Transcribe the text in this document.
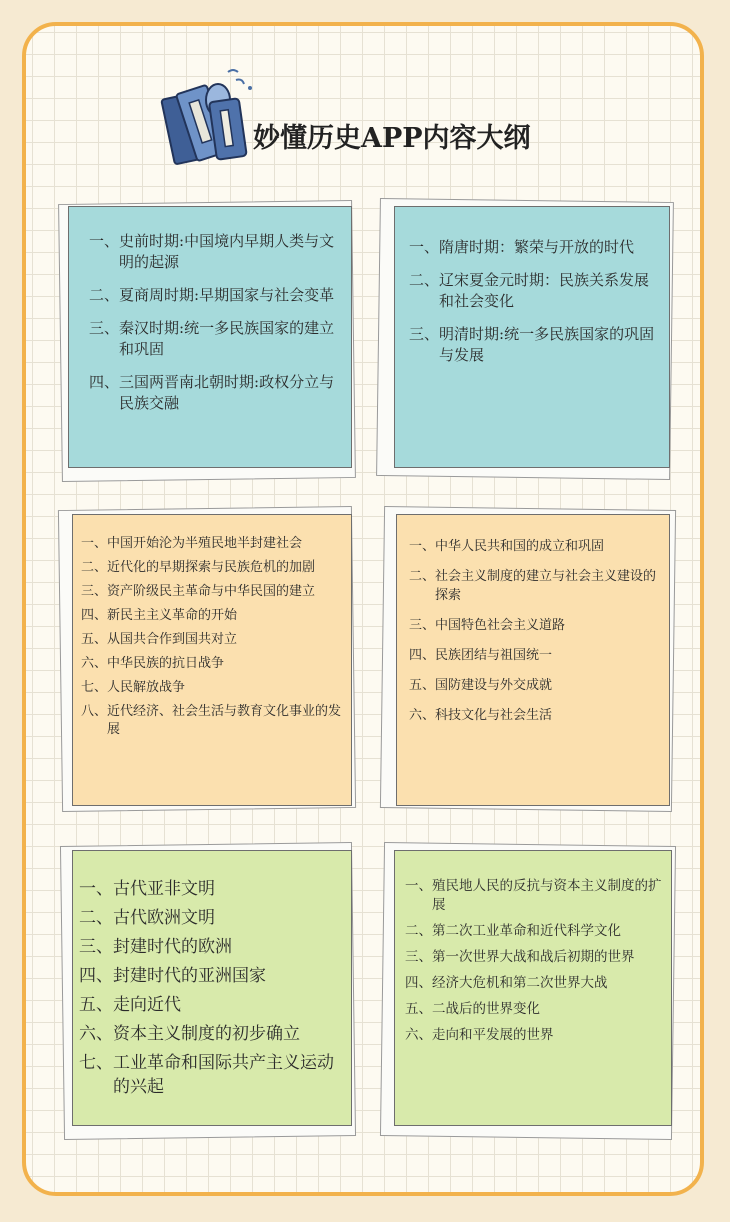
妙懂历史APP内容大纲
一、 史前时期:中国境内早期人类与文明的起源
二、 夏商周时期:早期国家与社会变革
三、 秦汉时期:统一多民族国家的建立和巩固
四、 三国两晋南北朝时期:政权分立与民族交融
一、 隋唐时期：繁荣与开放的时代
二、 辽宋夏金元时期：民族关系发展和社会变化
三、 明清时期:统一多民族国家的巩固与发展
一、 中国开始沦为半殖民地半封建社会
二、 近代化的早期探索与民族危机的加剧
三、 资产阶级民主革命与中华民国的建立
四、 新民主主义革命的开始
五、 从国共合作到国共对立
六、 中华民族的抗日战争
七、 人民解放战争
八、 近代经济、社会生活与教育文化事业的发展
一、 中华人民共和国的成立和巩固
二、 社会主义制度的建立与社会主义建设的探索
三、 中国特色社会主义道路
四、 民族团结与祖国统一
五、 国防建设与外交成就
六、 科技文化与社会生活
一、 古代亚非文明
二、 古代欧洲文明
三、 封建时代的欧洲
四、 封建时代的亚洲国家
五、 走向近代
六、 资本主义制度的初步确立
七、 工业革命和国际共产主义运动的兴起
一、 殖民地人民的反抗与资本主义制度的扩展
二、 第二次工业革命和近代科学文化
三、 第一次世界大战和战后初期的世界
四、 经济大危机和第二次世界大战
五、 二战后的世界变化
六、 走向和平发展的世界
